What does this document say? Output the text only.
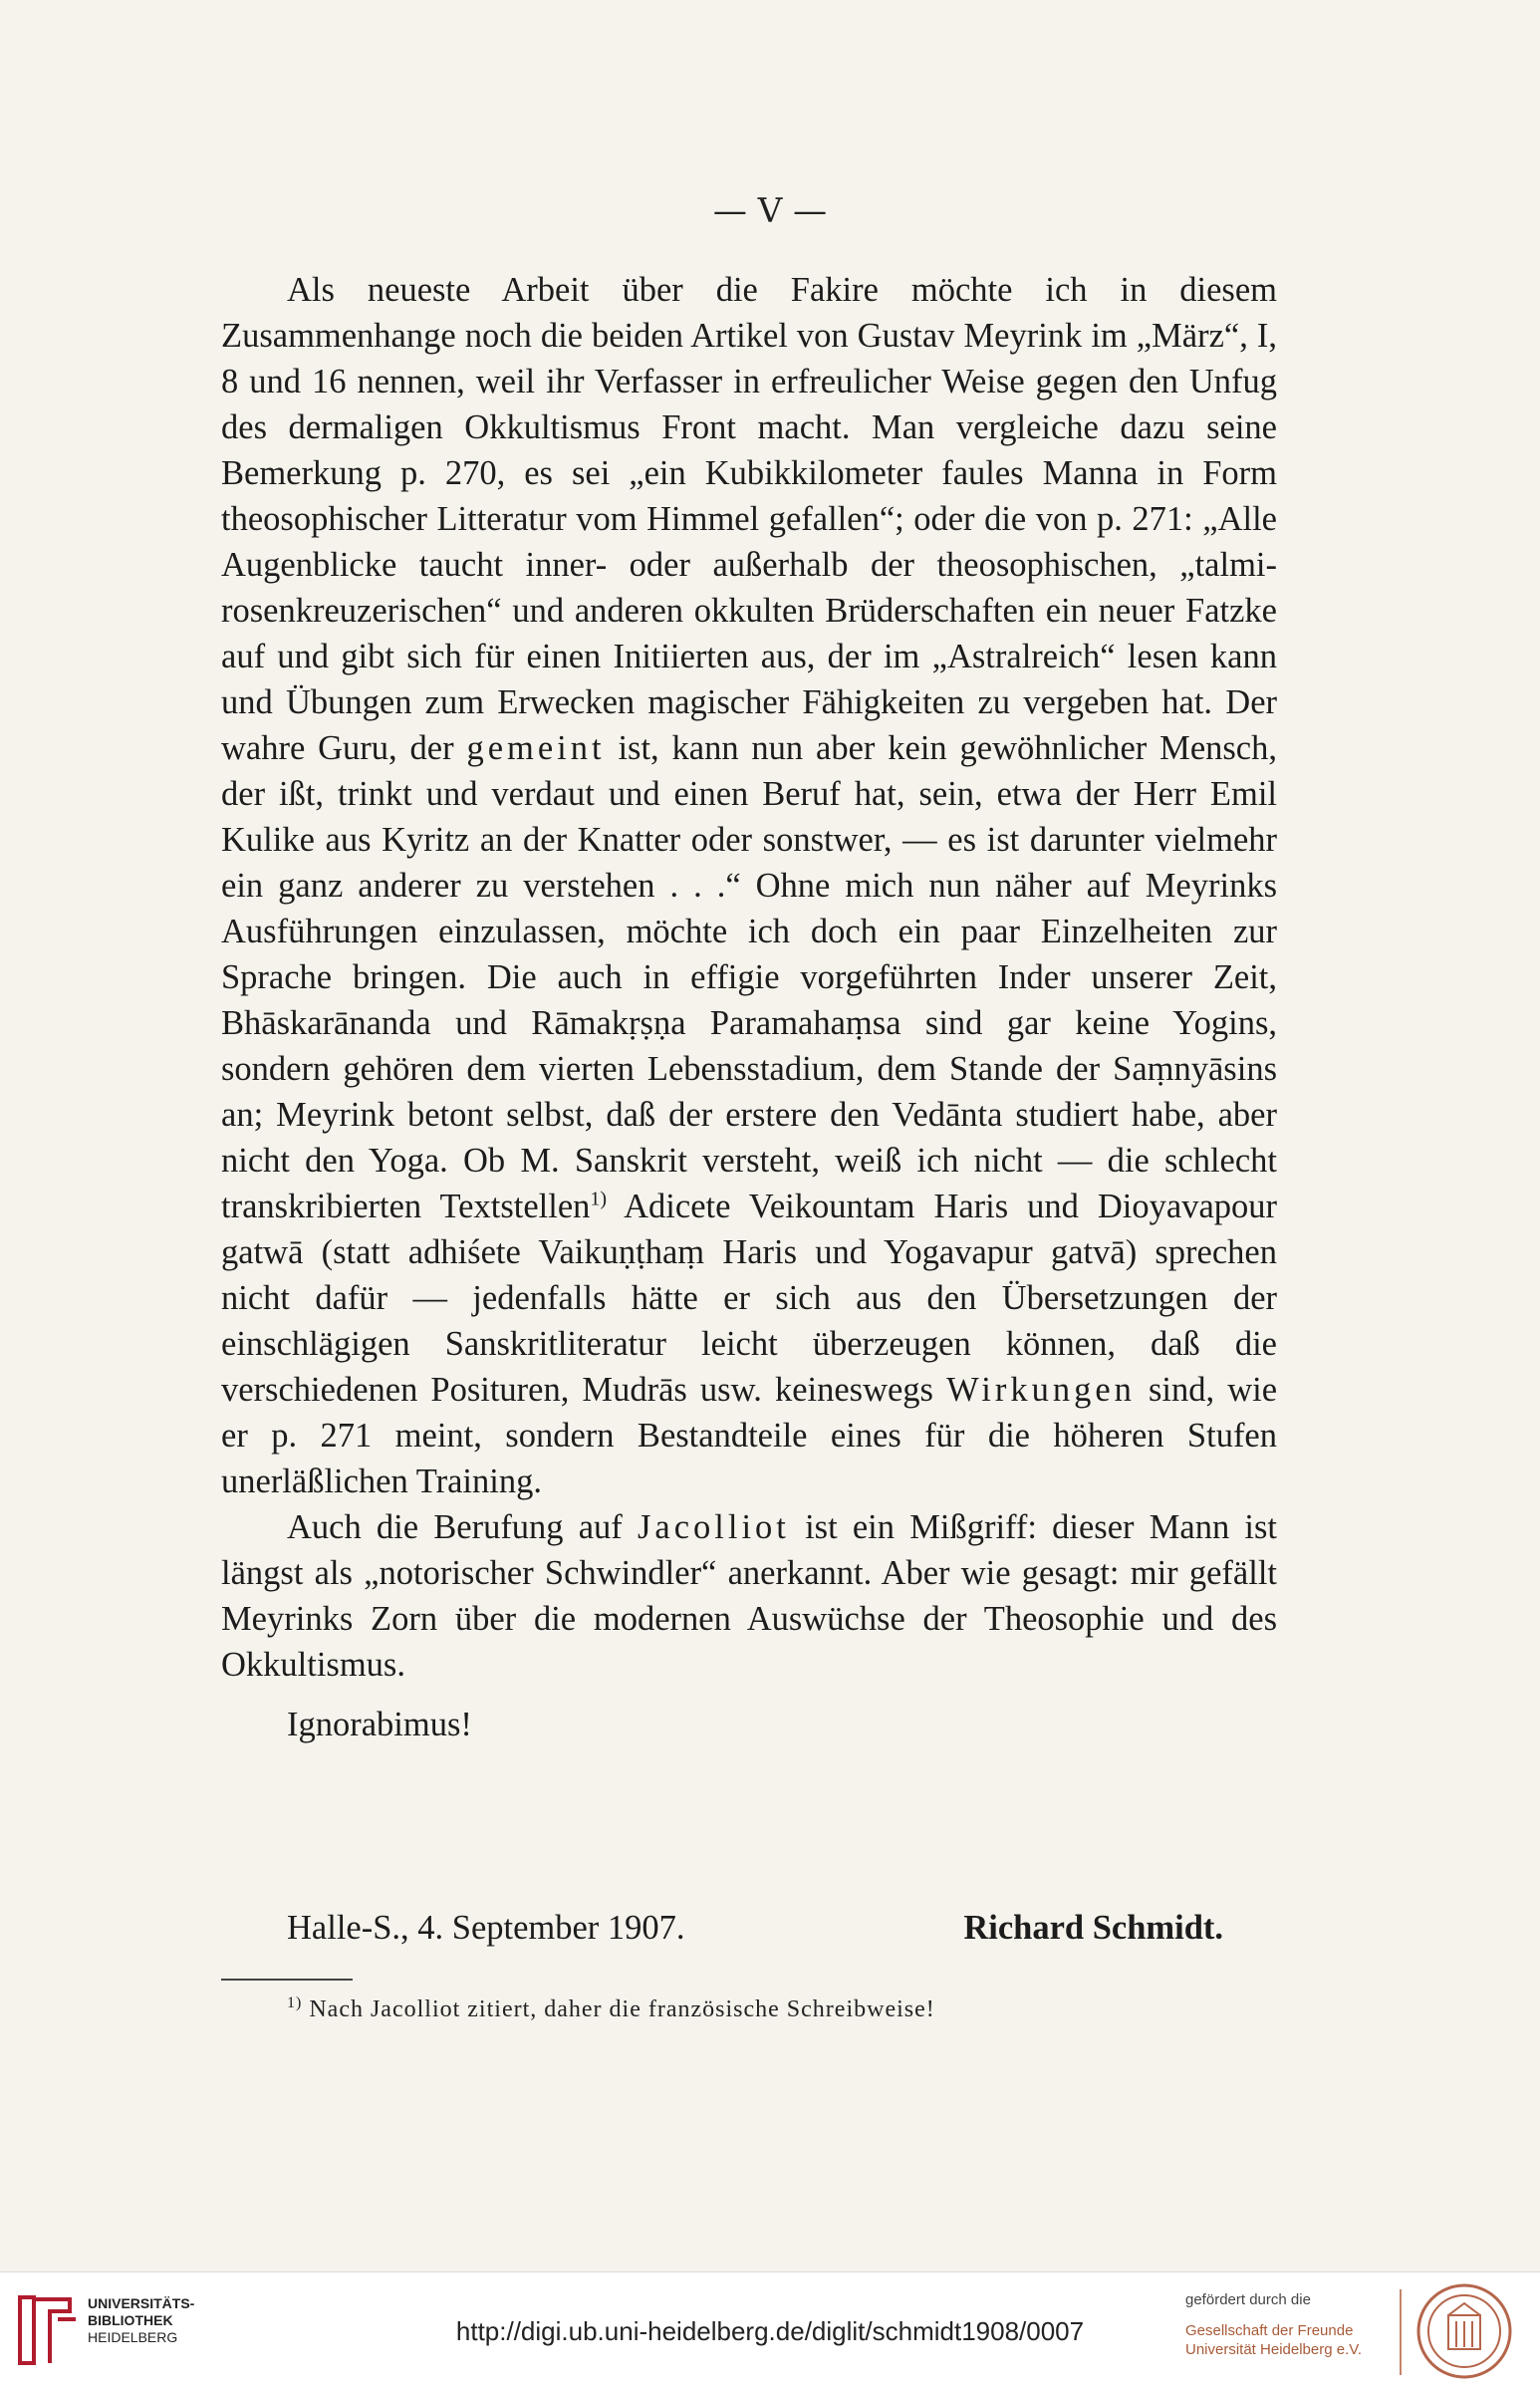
— V —

Als neueste Arbeit über die Fakire möchte ich in diesem Zusammenhange noch die beiden Artikel von Gustav Meyrink im „März“, I, 8 und 16 nennen, weil ihr Verfasser in erfreulicher Weise gegen den Unfug des dermaligen Okkultismus Front macht. Man vergleiche dazu seine Bemerkung p. 270, es sei „ein Kubikkilometer faules Manna in Form theosophischer Litteratur vom Himmel gefallen“; oder die von p. 271: „Alle Augenblicke taucht inner- oder außerhalb der theosophischen, „talmi-rosenkreuzerischen“ und anderen okkulten Brüderschaften ein neuer Fatzke auf und gibt sich für einen Initiierten aus, der im „Astralreich“ lesen kann und Übungen zum Erwecken magischer Fähigkeiten zu vergeben hat. Der wahre Guru, der gemeint ist, kann nun aber kein gewöhnlicher Mensch, der ißt, trinkt und verdaut und einen Beruf hat, sein, etwa der Herr Emil Kulike aus Kyritz an der Knatter oder sonstwer, — es ist darunter vielmehr ein ganz anderer zu verstehen . . .“ Ohne mich nun näher auf Meyrinks Ausführungen einzulassen, möchte ich doch ein paar Einzelheiten zur Sprache bringen. Die auch in effigie vorgeführten Inder unserer Zeit, Bhāskarānanda und Rāmakṛṣṇa Paramahaṃsa sind gar keine Yogins, sondern gehören dem vierten Lebensstadium, dem Stande der Saṃnyāsins an; Meyrink betont selbst, daß der erstere den Vedānta studiert habe, aber nicht den Yoga. Ob M. Sanskrit versteht, weiß ich nicht — die schlecht transkribierten Textstellen$^{1)}$ Adicete Veikountam Haris und Dioyavapour gatwā (statt adhiśete Vaikuṇṭhaṃ Haris und Yogavapur gatvā) sprechen nicht dafür — jedenfalls hätte er sich aus den Übersetzungen der einschlägigen Sanskritliteratur leicht überzeugen können, daß die verschiedenen Posituren, Mudrās usw. keineswegs Wirkungen sind, wie er p. 271 meint, sondern Bestandteile eines für die höheren Stufen unerläßlichen Training.

Auch die Berufung auf Jacolliot ist ein Mißgriff: dieser Mann ist längst als „notorischer Schwindler“ anerkannt. Aber wie gesagt: mir gefällt Meyrinks Zorn über die modernen Auswüchse der Theosophie und des Okkultismus.

Ignorabimus!

Halle-S., 4. September 1907.	Richard Schmidt.
$^{1)}$ Nach Jacolliot zitiert, daher die französische Schreibweise!
UNIVERSITÄTS-
BIBLIOTHEK
HEIDELBERG	http://digi.ub.uni-heidelberg.de/diglit/schmidt1908/0007
gefördert durch die
Gesellschaft der Freunde
Universität Heidelberg e.V.
